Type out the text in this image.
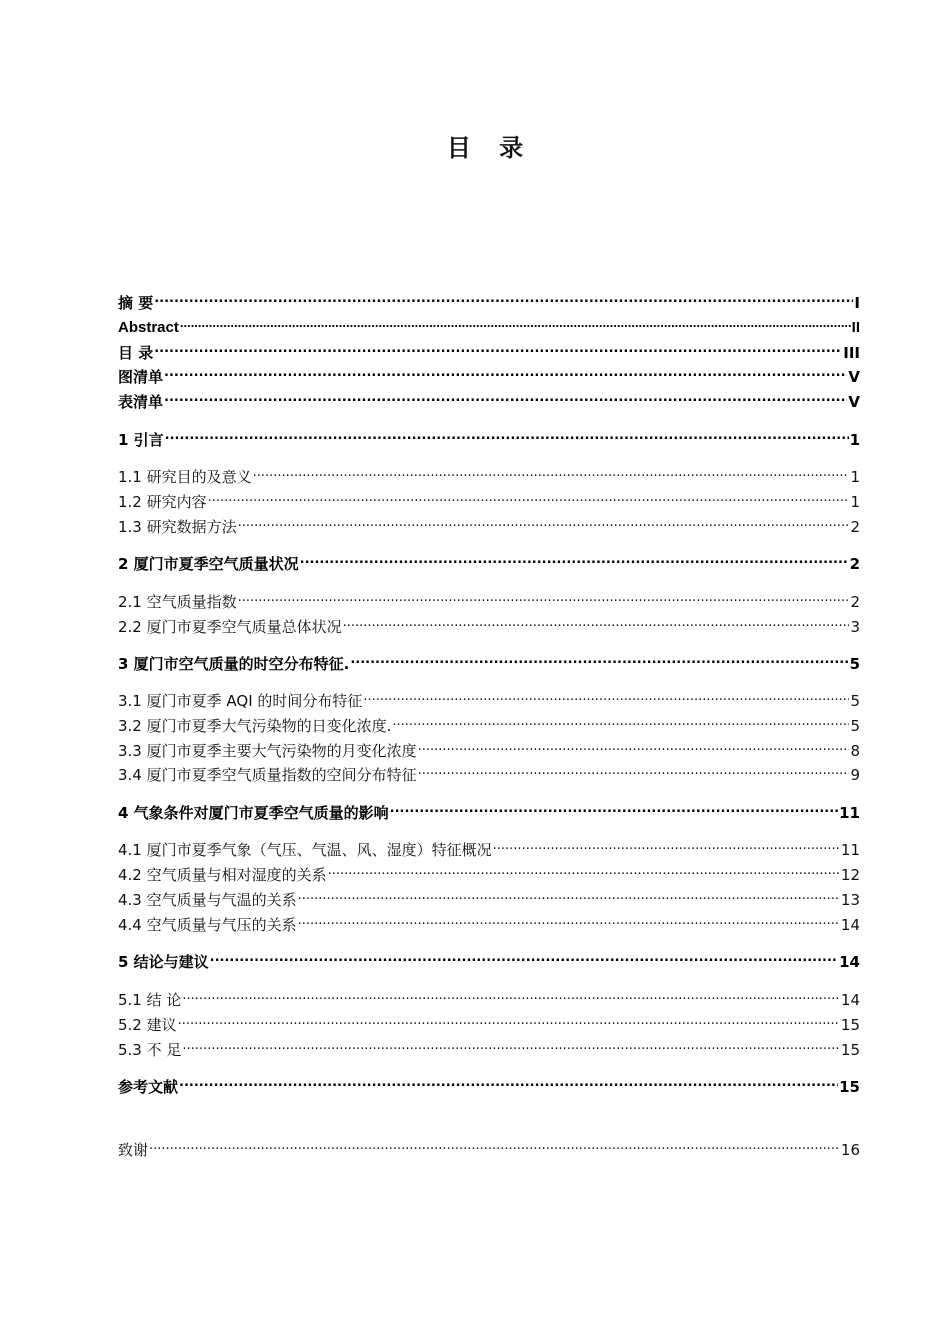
目 录
摘 要 .....	I
Abstract .....	II
目 录 .....	III
图清单 .....	V
表清单 .....	V
1 引言 .....	1
1.1 研究目的及意义 .....	1
1.2 研究内容 .....	1
1.3 研究数据方法 .....	2
2 厦门市夏季空气质量状况 .....	2
2.1 空气质量指数 .....	2
2.2 厦门市夏季空气质量总体状况 .....	3
3 厦门市空气质量的时空分布特征. .....	5
3.1 厦门市夏季 AQI 的时间分布特征 .....	5
3.2 厦门市夏季大气污染物的日变化浓度. .....	5
3.3 厦门市夏季主要大气污染物的月变化浓度 .....	8
3.4 厦门市夏季空气质量指数的空间分布特征 .....	9
4 气象条件对厦门市夏季空气质量的影响 .....	11
4.1 厦门市夏季气象（气压、气温、风、湿度）特征概况 .....	11
4.2 空气质量与相对湿度的关系 .....	12
4.3 空气质量与气温的关系 .....	13
4.4 空气质量与气压的关系 .....	14
5 结论与建议 .....	14
5.1 结 论 .....	14
5.2 建议 .....	15
5.3 不 足 .....	15
参考文献 .....	15
致谢 .....	16
